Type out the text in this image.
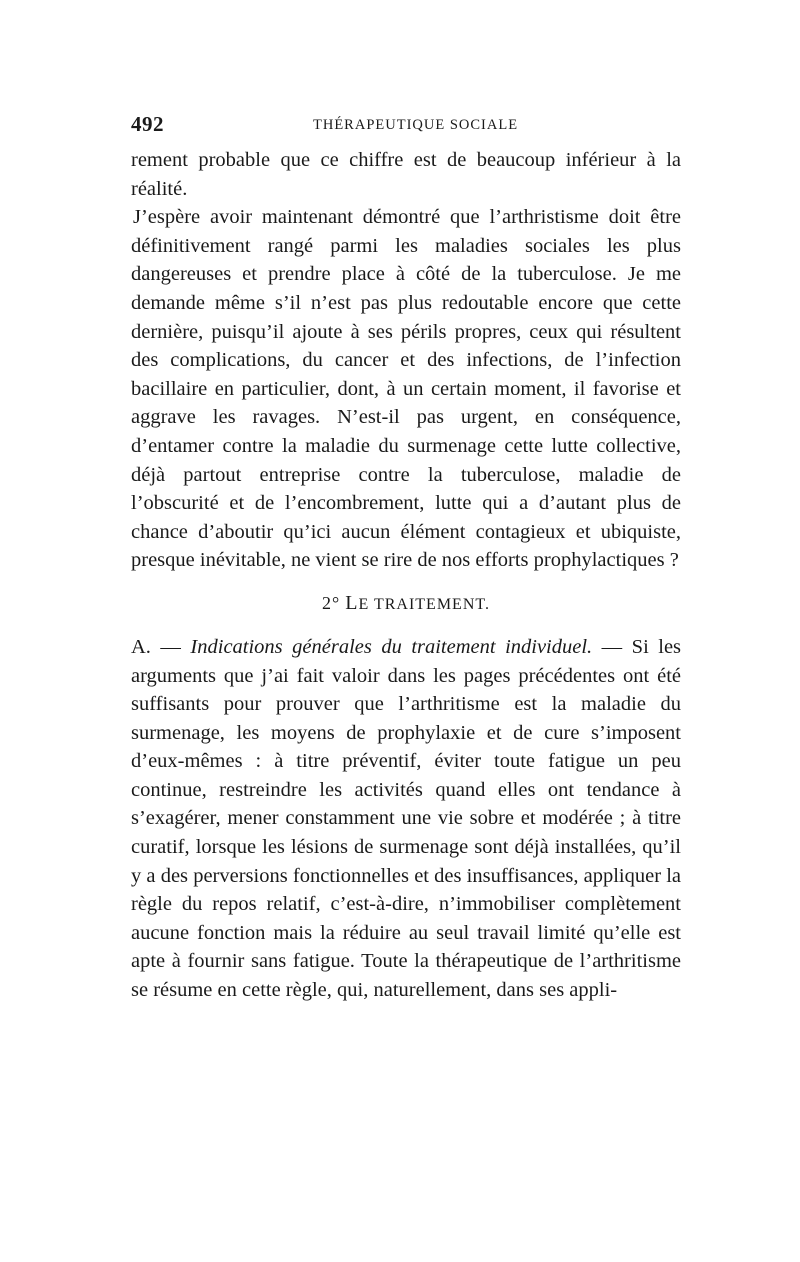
492	THÉRAPEUTIQUE SOCIALE

rement probable que ce chiffre est de beaucoup inférieur à la réalité.

J’espère avoir maintenant démontré que l’arthristisme doit être définitivement rangé parmi les maladies sociales les plus dangereuses et prendre place à côté de la tuberculose. Je me demande même s’il n’est pas plus redoutable encore que cette dernière, puisqu’il ajoute à ses périls propres, ceux qui résultent des complications, du cancer et des infections, de l’infection bacillaire en particulier, dont, à un certain moment, il favorise et aggrave les ravages. N’est-il pas urgent, en conséquence, d’entamer contre la maladie du surmenage cette lutte collective, déjà partout entreprise contre la tuberculose, maladie de l’obscurité et de l’encombrement, lutte qui a d’autant plus de chance d’aboutir qu’ici aucun élément contagieux et ubiquiste, presque inévitable, ne vient se rire de nos efforts prophylactiques ?

2° LE TRAITEMENT.

A. — Indications générales du traitement individuel. — Si les arguments que j’ai fait valoir dans les pages précédentes ont été suffisants pour prouver que l’arthritisme est la maladie du surmenage, les moyens de prophylaxie et de cure s’imposent d’eux-mêmes : à titre préventif, éviter toute fatigue un peu continue, restreindre les activités quand elles ont tendance à s’exagérer, mener constamment une vie sobre et modérée ; à titre curatif, lorsque les lésions de surmenage sont déjà installées, qu’il y a des perversions fonctionnelles et des insuffisances, appliquer la règle du repos relatif, c’est-à-dire, n’immobiliser complètement aucune fonction mais la réduire au seul travail limité qu’elle est apte à fournir sans fatigue. Toute la thérapeutique de l’arthritisme se résume en cette règle, qui, naturellement, dans ses appli-
